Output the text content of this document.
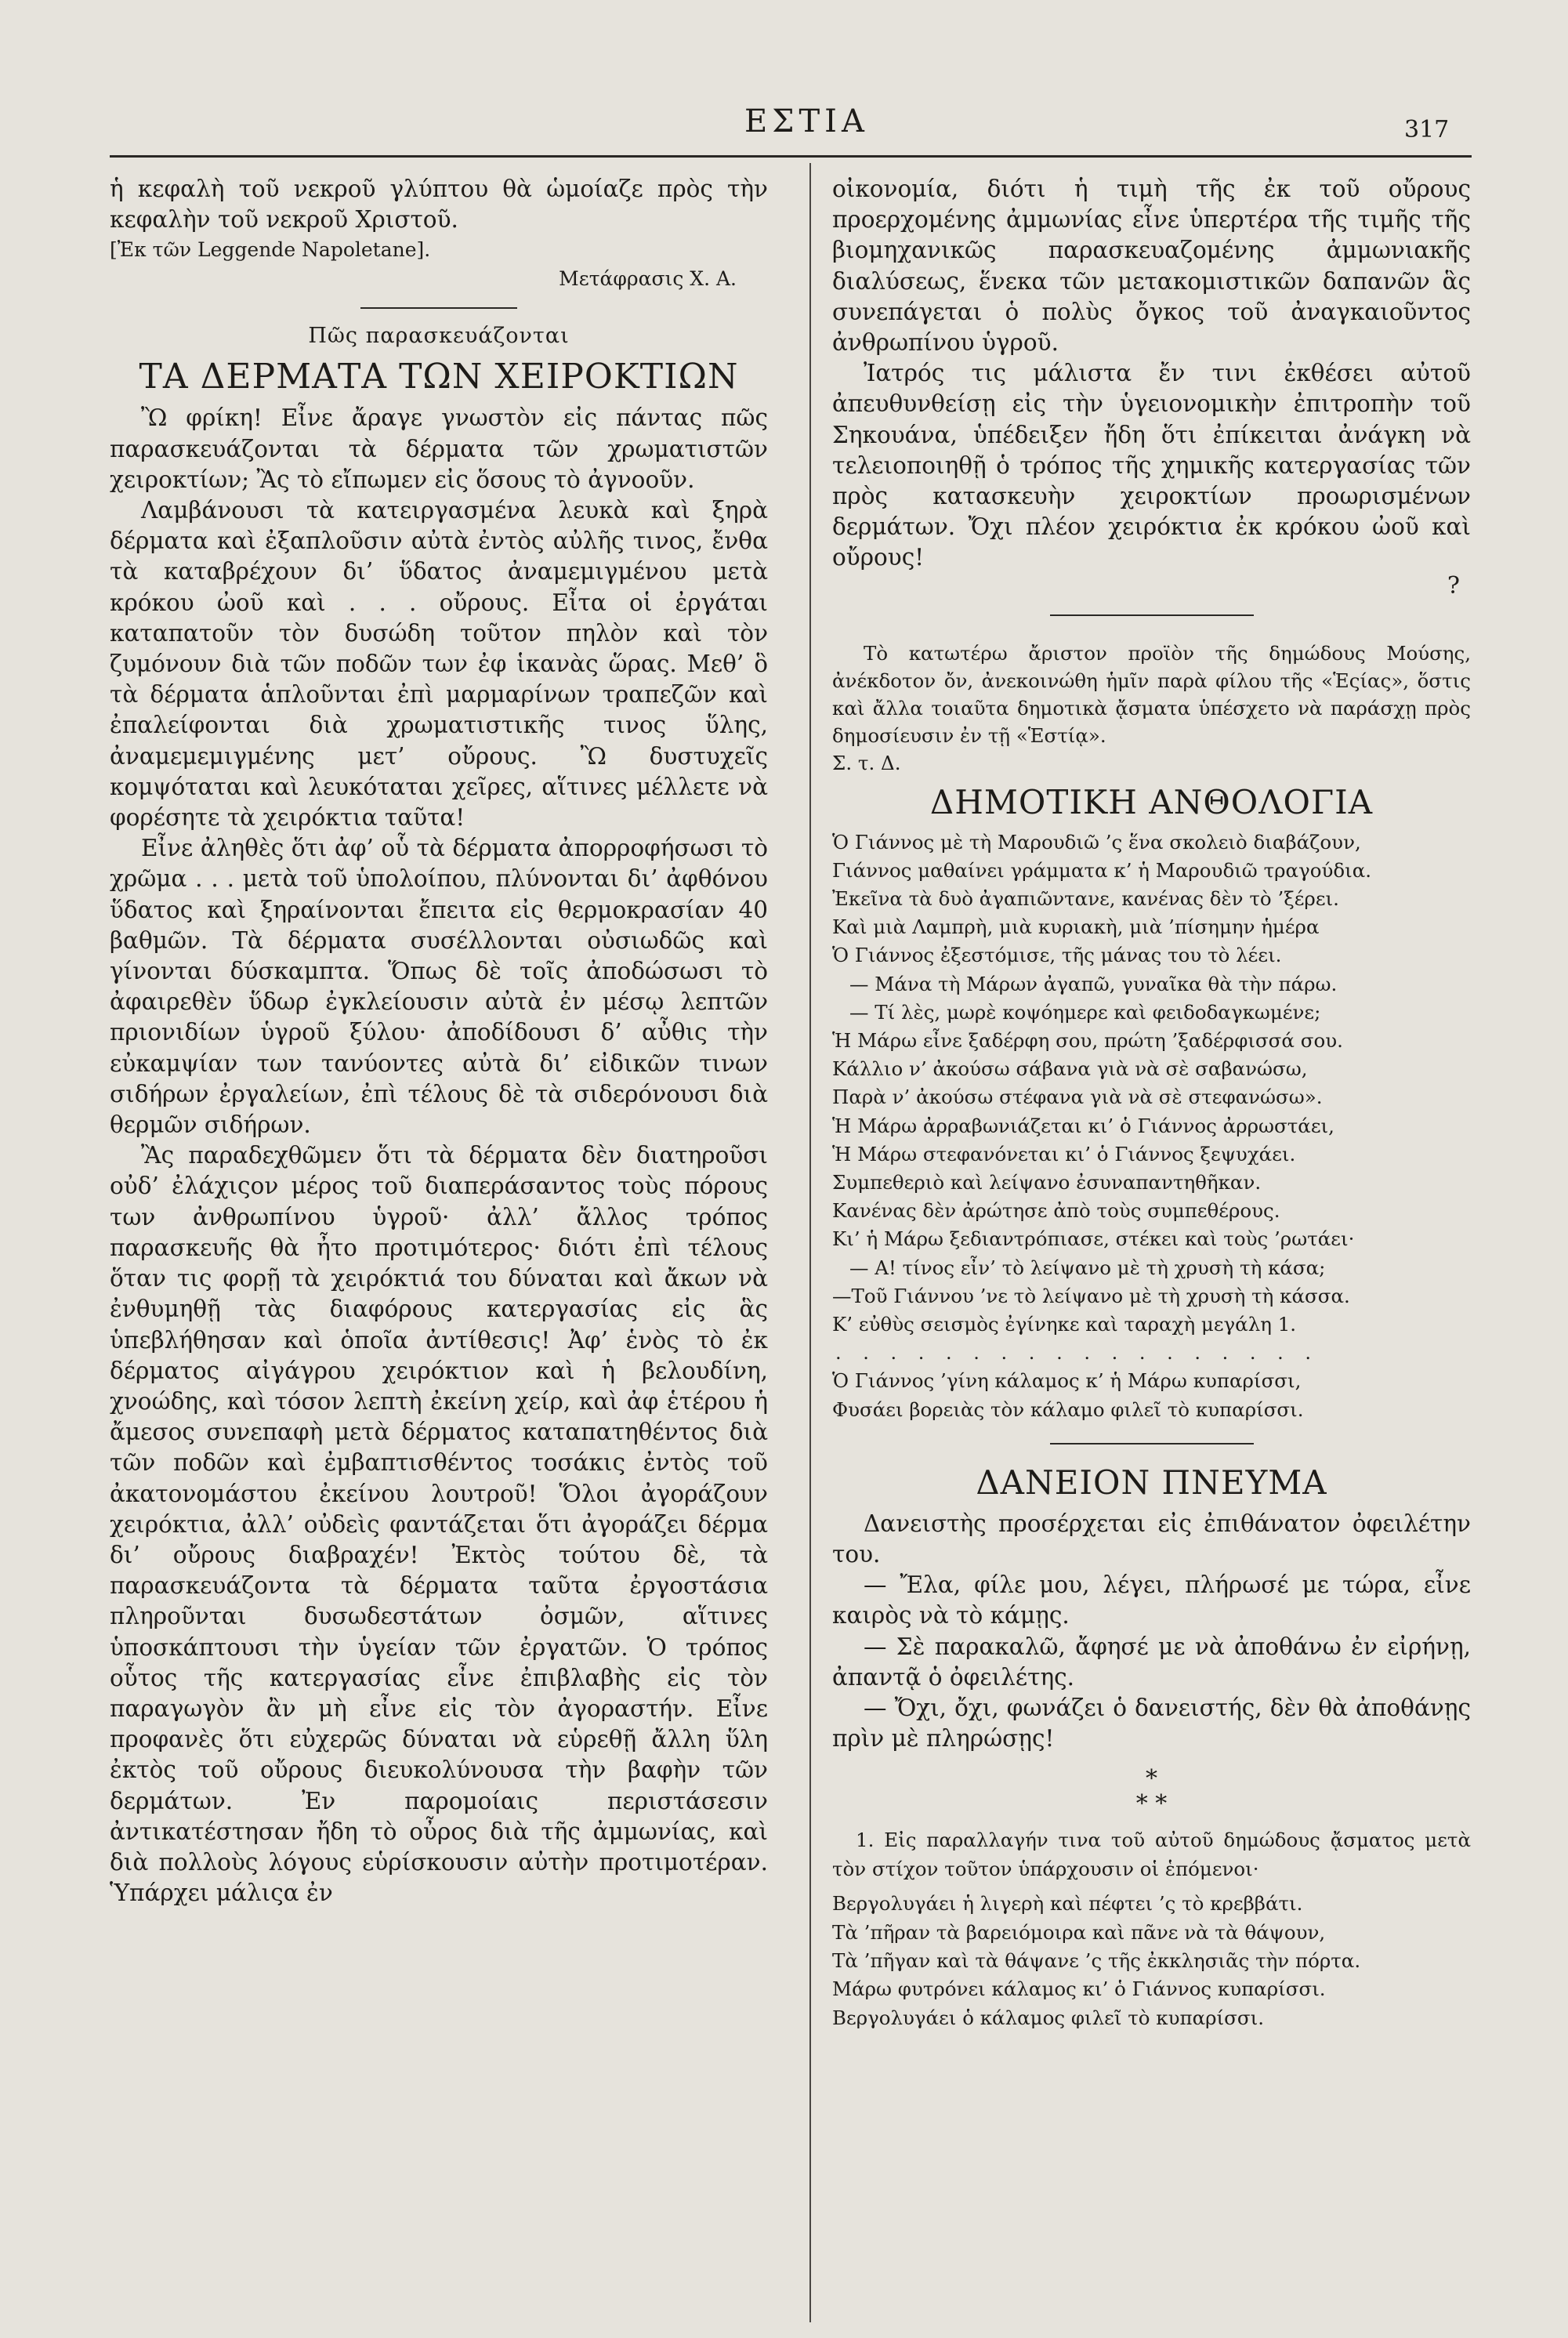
ΕΣΤΙΑ	317

ἡ κεφαλὴ τοῦ νεκροῦ γλύπτου θὰ ὡμοίαζε πρὸς τὴν κεφαλὴν τοῦ νεκροῦ Χριστοῦ.

[Ἐκ τῶν Leggende Napoletane].

Μετάφρασις Χ. Α.

Πῶς παρασκευάζονται

ΤΑ ΔΕΡΜΑΤΑ ΤΩΝ ΧΕΙΡΟΚΤΙΩΝ

Ὢ φρίκη! Εἶνε ἄραγε γνωστὸν εἰς πάντας πῶς παρασκευάζονται τὰ δέρματα τῶν χρωματιστῶν χειροκτίων; Ἂς τὸ εἴπωμεν εἰς ὅσους τὸ ἀγνοοῦν.

Λαμβάνουσι τὰ κατειργασμένα λευκὰ καὶ ξηρὰ δέρματα καὶ ἐξαπλοῦσιν αὐτὰ ἐντὸς αὐλῆς τινος, ἔνθα τὰ καταβρέχουν δι’ ὕδατος ἀναμεμιγμένου μετὰ κρόκου ὠοῦ καὶ . . . οὔρους. Εἶτα οἱ ἐργάται καταπατοῦν τὸν δυσώδη τοῦτον πηλὸν καὶ τὸν ζυμόνουν διὰ τῶν ποδῶν των ἐφ ἱκανὰς ὥρας. Μεθ’ ὃ τὰ δέρματα ἁπλοῦνται ἐπὶ μαρμαρίνων τραπεζῶν καὶ ἐπαλείφονται διὰ χρωματιστικῆς τινος ὕλης, ἀναμεμεμιγμένης μετ’ οὔρους. Ὢ δυστυχεῖς κομψόταται καὶ λευκόταται χεῖρες, αἵτινες μέλλετε νὰ φορέσητε τὰ χειρόκτια ταῦτα!

Εἶνε ἀληθὲς ὅτι ἀφ’ οὗ τὰ δέρματα ἀπορροφήσωσι τὸ χρῶμα . . . μετὰ τοῦ ὑπολοίπου, πλύνονται δι’ ἀφθόνου ὕδατος καὶ ξηραίνονται ἔπειτα εἰς θερμοκρασίαν 40 βαθμῶν. Τὰ δέρματα συσέλλονται οὐσιωδῶς καὶ γίνονται δύσκαμπτα. Ὅπως δὲ τοῖς ἀποδώσωσι τὸ ἀφαιρεθὲν ὕδωρ ἐγκλείουσιν αὐτὰ ἐν μέσῳ λεπτῶν πριονιδίων ὑγροῦ ξύλου· ἀποδίδουσι δ’ αὖθις τὴν εὐκαμψίαν των τανύοντες αὐτὰ δι’ εἰδικῶν τινων σιδήρων ἐργαλείων, ἐπὶ τέλους δὲ τὰ σιδερόνουσι διὰ θερμῶν σιδήρων.

Ἂς παραδεχθῶμεν ὅτι τὰ δέρματα δὲν διατηροῦσι οὐδ’ ἐλάχιςον μέρος τοῦ διαπεράσαντος τοὺς πόρους των ἀνθρωπίνου ὑγροῦ· ἀλλ’ ἄλλος τρόπος παρασκευῆς θὰ ἦτο προτιμότερος· διότι ἐπὶ τέλους ὅταν τις φορῇ τὰ χειρόκτιά του δύναται καὶ ἄκων νὰ ἐνθυμηθῇ τὰς διαφόρους κατεργασίας εἰς ἃς ὑπεβλήθησαν καὶ ὁποῖα ἀντίθεσις! Ἀφ’ ἑνὸς τὸ ἐκ δέρματος αἰγάγρου χειρόκτιον καὶ ἡ βελουδίνη, χνοώδης, καὶ τόσον λεπτὴ ἐκείνη χείρ, καὶ ἀφ ἑτέρου ἡ ἄμεσος συνεπαφὴ μετὰ δέρματος καταπατηθέντος διὰ τῶν ποδῶν καὶ ἐμβαπτισθέντος τοσάκις ἐντὸς τοῦ ἀκατονομάστου ἐκείνου λουτροῦ! Ὅλοι ἀγοράζουν χειρόκτια, ἀλλ’ οὐδεὶς φαντάζεται ὅτι ἀγοράζει δέρμα δι’ οὔρους διαβραχέν! Ἐκτὸς τούτου δὲ, τὰ παρασκευάζοντα τὰ δέρματα ταῦτα ἐργοστάσια πληροῦνται δυσωδεστάτων ὀσμῶν, αἵτινες ὑποσκάπτουσι τὴν ὑγείαν τῶν ἐργατῶν. Ὁ τρόπος οὗτος τῆς κατεργασίας εἶνε ἐπιβλαβὴς εἰς τὸν παραγωγὸν ἂν μὴ εἶνε εἰς τὸν ἀγοραστήν. Εἶνε προφανὲς ὅτι εὐχερῶς δύναται νὰ εὑρεθῇ ἄλλη ὕλη ἐκτὸς τοῦ οὔρους διευκολύνουσα τὴν βαφὴν τῶν δερμάτων. Ἐν παρομοίαις περιστάσεσιν ἀντικατέστησαν ἤδη τὸ οὖρος διὰ τῆς ἀμμωνίας, καὶ διὰ πολλοὺς λόγους εὑρίσκουσιν αὐτὴν προτιμοτέραν. Ὑπάρχει μάλιςα ἐν

οἰκονομία, διότι ἡ τιμὴ τῆς ἐκ τοῦ οὔρους προερχομένης ἀμμωνίας εἶνε ὑπερτέρα τῆς τιμῆς τῆς βιομηχανικῶς παρασκευαζομένης ἀμμωνιακῆς διαλύσεως, ἕνεκα τῶν μετακομιστικῶν δαπανῶν ἃς συνεπάγεται ὁ πολὺς ὄγκος τοῦ ἀναγκαιοῦντος ἀνθρωπίνου ὑγροῦ.

Ἰατρός τις μάλιστα ἔν τινι ἐκθέσει αὐτοῦ ἀπευθυνθείσῃ εἰς τὴν ὑγειονομικὴν ἐπιτροπὴν τοῦ Σηκουάνα, ὑπέδειξεν ἤδη ὅτι ἐπίκειται ἀνάγκη νὰ τελειοποιηθῇ ὁ τρόπος τῆς χημικῆς κατεργασίας τῶν πρὸς κατασκευὴν χειροκτίων προωρισμένων δερμάτων. Ὄχι πλέον χειρόκτια ἐκ κρόκου ὠοῦ καὶ οὔρους!

?

Τὸ κατωτέρω ἄριστον προϊὸν τῆς δημώδους Μούσης, ἀνέκδοτον ὄν, ἀνεκοινώθη ἡμῖν παρὰ φίλου τῆς «Ἑςίας», ὅστις καὶ ἄλλα τοιαῦτα δημοτικὰ ᾄσματα ὑπέσχετο νὰ παράσχῃ πρὸς δημοσίευσιν ἐν τῇ «Ἑστίᾳ».

Σ. τ. Δ.

ΔΗΜΟΤΙΚΗ ΑΝΘΟΛΟΓΙΑ

Ὁ Γιάννος μὲ τὴ Μαρουδιῶ ’ς ἕνα σκολειὸ διαβάζουν,
Γιάννος μαθαίνει γράμματα κ’ ἡ Μαρουδιῶ τραγούδια.
Ἐκεῖνα τὰ δυὸ ἀγαπιῶντανε, κανένας δὲν τὸ ’ξέρει.
Καὶ μιὰ Λαμπρὴ, μιὰ κυριακὴ, μιὰ ’πίσημην ἡμέρα
Ὁ Γιάννος ἐξεστόμισε, τῆς μάνας του τὸ λέει.
— Μάνα τὴ Μάρων ἀγαπῶ, γυναῖκα θὰ τὴν πάρω.
— Τί λὲς, μωρὲ κοψόημερε καὶ φειδοδαγκωμένε;
Ἡ Μάρω εἶνε ξαδέρφη σου, πρώτη ’ξαδέρφισσά σου.
Κάλλιο ν’ ἀκούσω σάβανα γιὰ νὰ σὲ σαβανώσω,
Παρὰ ν’ ἀκούσω στέφανα γιὰ νὰ σὲ στεφανώσω».
Ἡ Μάρω ἀρραβωνιάζεται κι’ ὁ Γιάννος ἀρρωστάει,
Ἡ Μάρω στεφανόνεται κι’ ὁ Γιάννος ξεψυχάει.
Συμπεθεριὸ καὶ λείψανο ἐσυναπαντηθῆκαν.
Κανένας δὲν ἀρώτησε ἀπὸ τοὺς συμπεθέρους.
Κι’ ἡ Μάρω ξεδιαντρόπιασε, στέκει καὶ τοὺς ’ρωτάει·
— Α! τίνος εἶν’ τὸ λείψανο μὲ τὴ χρυσὴ τὴ κάσα;
—Τοῦ Γιάννου ’νε τὸ λείψανο μὲ τὴ χρυσὴ τὴ κάσσα.
Κ’ εὐθὺς σεισμὸς ἐγίνηκε καὶ ταραχὴ μεγάλη 1.
. . . . . . . . . . . . . . . . . .
Ὁ Γιάννος ’γίνη κάλαμος κ’ ἡ Μάρω κυπαρίσσι,
Φυσάει βορειὰς τὸν κάλαμο φιλεῖ τὸ κυπαρίσσι.

ΔΑΝΕΙΟΝ ΠΝΕΥΜΑ

Δανειστὴς προσέρχεται εἰς ἐπιθάνατον ὀφειλέτην του.

— Ἔλα, φίλε μου, λέγει, πλήρωσέ με τώρα, εἶνε καιρὸς νὰ τὸ κάμῃς.

— Σὲ παρακαλῶ, ἄφησέ με νὰ ἀποθάνω ἐν εἰρήνῃ, ἀπαντᾷ ὁ ὀφειλέτης.

— Ὄχι, ὄχι, φωνάζει ὁ δανειστής, δὲν θὰ ἀποθάνῃς πρὶν μὲ πληρώσῃς!

*
* *

1. Εἰς παραλλαγήν τινα τοῦ αὐτοῦ δημώδους ᾄσματος μετὰ τὸν στίχον τοῦτον ὑπάρχουσιν οἱ ἑπόμενοι·

Βεργολυγάει ἡ λιγερὴ καὶ πέφτει ’ς τὸ κρεββάτι.
Τὰ ’πῆραν τὰ βαρειόμοιρα καὶ πᾶνε νὰ τὰ θάψουν,
Τὰ ’πῆγαν καὶ τὰ θάψανε ’ς τῆς ἐκκλησιᾶς τὴν πόρτα.
Μάρω φυτρόνει κάλαμος κι’ ὁ Γιάννος κυπαρίσσι.
Βεργολυγάει ὁ κάλαμος φιλεῖ τὸ κυπαρίσσι.
